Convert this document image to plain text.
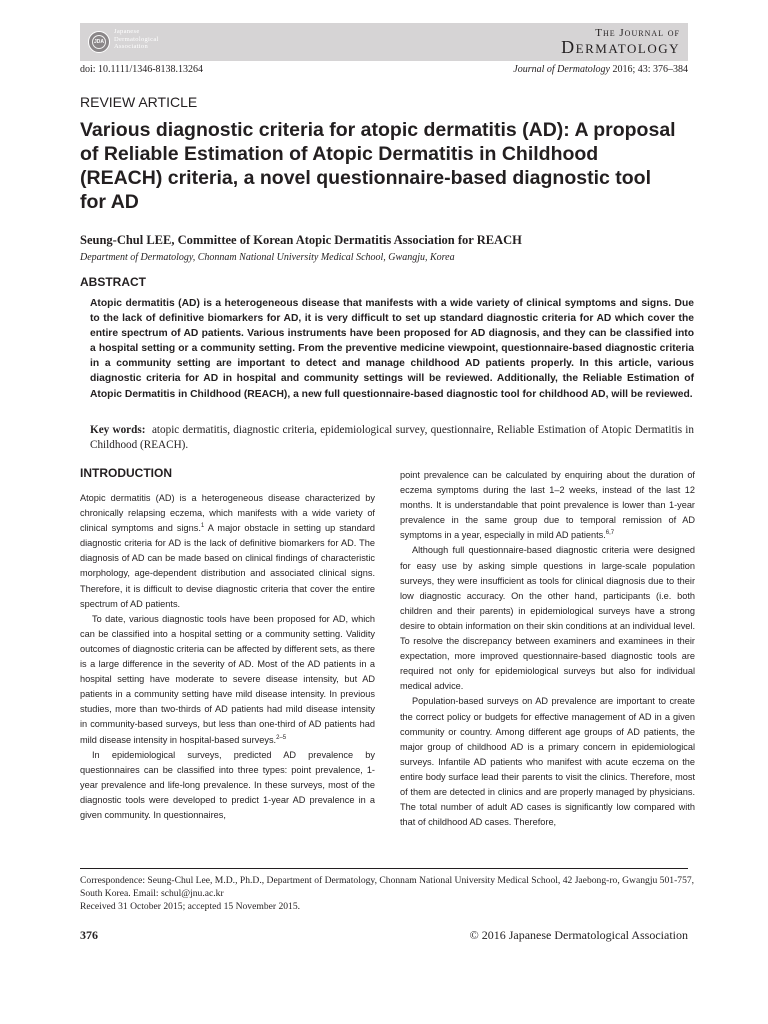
JDA
Japanese
Dermatological
Association
The Journal of
Dermatology
doi: 10.1111/1346-8138.13264	Journal of Dermatology 2016; 43: 376–384
REVIEW ARTICLE
Various diagnostic criteria for atopic dermatitis (AD): A proposal of Reliable Estimation of Atopic Dermatitis in Childhood (REACH) criteria, a novel questionnaire-based diagnostic tool for AD
Seung-Chul LEE, Committee of Korean Atopic Dermatitis Association for REACH
Department of Dermatology, Chonnam National University Medical School, Gwangju, Korea
ABSTRACT
Atopic dermatitis (AD) is a heterogeneous disease that manifests with a wide variety of clinical symptoms and signs. Due to the lack of definitive biomarkers for AD, it is very difficult to set up standard diagnostic criteria for AD which cover the entire spectrum of AD patients. Various instruments have been proposed for AD diagnosis, and they can be classified into a hospital setting or a community setting. From the preventive medicine viewpoint, questionnaire-based diagnostic criteria in a community setting are important to detect and manage childhood AD patients properly. In this article, various diagnostic criteria for AD in hospital and community settings will be reviewed. Additionally, the Reliable Estimation of Atopic Dermatitis in Childhood (REACH), a new full questionnaire-based diagnostic tool for childhood AD, will be reviewed.
Key words: atopic dermatitis, diagnostic criteria, epidemiological survey, questionnaire, Reliable Estimation of Atopic Dermatitis in Childhood (REACH).
INTRODUCTION

Atopic dermatitis (AD) is a heterogeneous disease characterized by chronically relapsing eczema, which manifests with a wide variety of clinical symptoms and signs.$^1$ A major obstacle in setting up standard diagnostic criteria for AD is the lack of definitive biomarkers for AD. The diagnosis of AD can be made based on clinical findings of characteristic morphology, age-dependent distribution and associated clinical signs. Therefore, it is difficult to devise diagnostic criteria that cover the entire spectrum of AD patients.

To date, various diagnostic tools have been proposed for AD, which can be classified into a hospital setting or a community setting. Validity outcomes of diagnostic criteria can be affected by different sets, as there is a large difference in the severity of AD. Most of the AD patients in a hospital setting have moderate to severe disease intensity, but AD patients in a community setting have mild disease intensity. In previous studies, more than two-thirds of AD patients had mild disease intensity in community-based surveys, but less than one-third of AD patients had mild disease intensity in hospital-based surveys.$^{2-5}$

In epidemiological surveys, predicted AD prevalence by questionnaires can be classified into three types: point prevalence, 1-year prevalence and life-long prevalence. In these surveys, most of the diagnostic tools were developed to predict 1-year AD prevalence in a given community. In questionnaires,

point prevalence can be calculated by enquiring about the duration of eczema symptoms during the last 1–2 weeks, instead of the last 12 months. It is understandable that point prevalence is lower than 1-year prevalence in the same group due to temporal remission of AD symptoms in a year, especially in mild AD patients.$^{6,7}$

Although full questionnaire-based diagnostic criteria were designed for easy use by asking simple questions in large-scale population surveys, they were insufficient as tools for clinical diagnosis due to their low diagnostic accuracy. On the other hand, participants (i.e. both children and their parents) in epidemiological surveys have a strong desire to obtain information on their skin conditions at an individual level. To resolve the discrepancy between examiners and examinees in their expectation, more improved questionnaire-based diagnostic tools are required not only for epidemiological surveys but also for individual medical advice.

Population-based surveys on AD prevalence are important to create the correct policy or budgets for effective management of AD in a given community or country. Among different age groups of AD patients, the major group of childhood AD is a primary concern in epidemiological surveys. Infantile AD patients who manifest with acute eczema on the entire body surface lead their parents to visit the clinics. Therefore, most of them are detected in clinics and are properly managed by physicians. The total number of adult AD cases is significantly low compared with that of childhood AD cases. Therefore,

Correspondence: Seung-Chul Lee, M.D., Ph.D., Department of Dermatology, Chonnam National University Medical School, 42 Jaebong-ro, Gwangju 501-757, South Korea. Email: schul@jnu.ac.kr
Received 31 October 2015; accepted 15 November 2015.
376	© 2016 Japanese Dermatological Association
